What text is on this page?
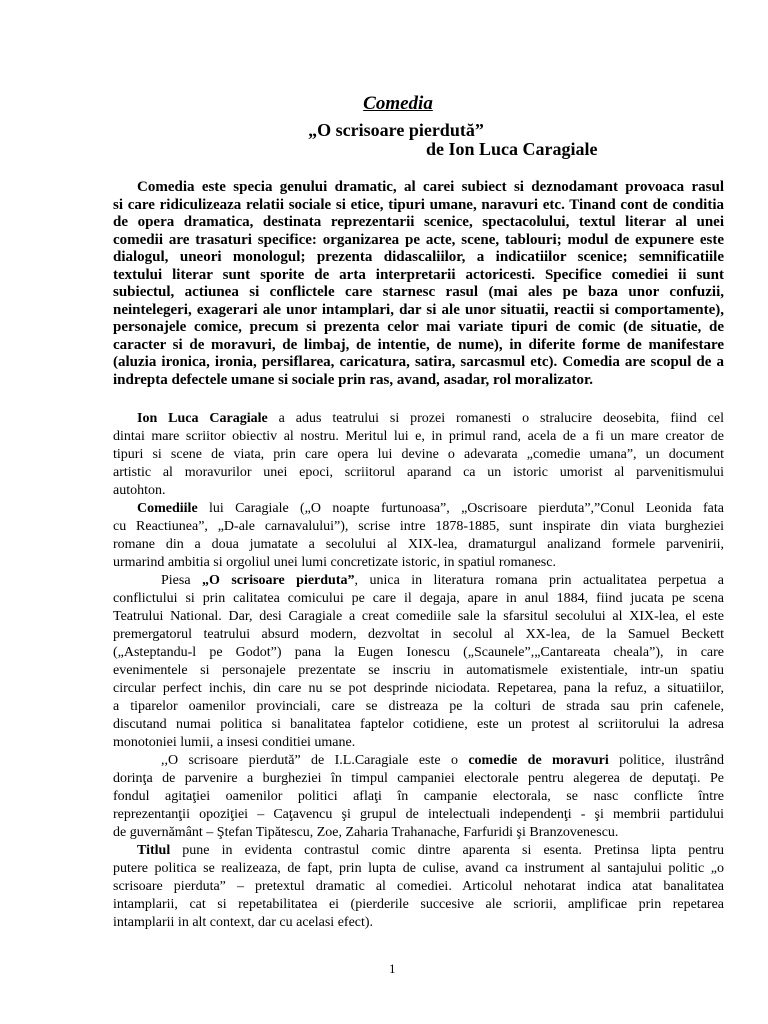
Comedia
„O scrisoare pierdută”
de Ion Luca Caragiale
Comedia este specia genului dramatic, al carei subiect si deznodamant provoaca rasul
si care ridiculizeaza relatii sociale si etice, tipuri umane, naravuri etc. Tinand cont de conditia
de opera dramatica, destinata reprezentarii scenice, spectacolului, textul literar al unei
comedii are trasaturi specifice: organizarea pe acte, scene, tablouri; modul de expunere este
dialogul, uneori monologul; prezenta didascaliilor, a indicatiilor scenice; semnificatiile
textului literar sunt sporite de arta interpretarii actoricesti. Specifice comediei ii sunt
subiectul, actiunea si conflictele care starnesc rasul (mai ales pe baza unor confuzii,
neintelegeri, exagerari ale unor intamplari, dar si ale unor situatii, reactii si comportamente),
personajele comice, precum si prezenta celor mai variate tipuri de comic (de situatie, de
caracter si de moravuri, de limbaj, de intentie, de nume), in diferite forme de manifestare
(aluzia ironica, ironia, persiflarea, caricatura, satira, sarcasmul etc). Comedia are scopul de a
indrepta defectele umane si sociale prin ras, avand, asadar, rol moralizator.
Ion Luca Caragiale a adus teatrului si prozei romanesti o stralucire deosebita, fiind cel
dintai mare scriitor obiectiv al nostru. Meritul lui e, in primul rand, acela de a fi un mare creator de
tipuri si scene de viata, prin care opera lui devine o adevarata „comedie umana”, un document
artistic al moravurilor unei epoci, scriitorul aparand ca un istoric umorist al parvenitismului
autohton.
Comediile lui Caragiale („O noapte furtunoasa”, „Oscrisoare pierduta”,”Conul Leonida fata
cu Reactiunea”, „D-ale carnavalului”), scrise intre 1878-1885, sunt inspirate din viata burgheziei
romane din a doua jumatate a secolului al XIX-lea, dramaturgul analizand formele parvenirii,
urmarind ambitia si orgoliul unei lumi concretizate istoric, in spatiul romanesc.
Piesa „O scrisoare pierduta”, unica in literatura romana prin actualitatea perpetua a
conflictului si prin calitatea comicului pe care il degaja, apare in anul 1884, fiind jucata pe scena
Teatrului National. Dar, desi Caragiale a creat comediile sale la sfarsitul secolului al XIX-lea, el este
premergatorul teatrului absurd modern, dezvoltat in secolul al XX-lea, de la Samuel Beckett
(„Asteptandu-l pe Godot”) pana la Eugen Ionescu („Scaunele”,„Cantareata cheala”), in care
evenimentele si personajele prezentate se inscriu in automatismele existentiale, intr-un spatiu
circular perfect inchis, din care nu se pot desprinde niciodata. Repetarea, pana la refuz, a situatiilor,
a tiparelor oamenilor provinciali, care se distreaza pe la colturi de strada sau prin cafenele,
discutand numai politica si banalitatea faptelor cotidiene, este un protest al scriitorului la adresa
monotoniei lumii, a insesi conditiei umane.
,,O scrisoare pierdută” de I.L.Caragiale este o comedie de moravuri politice, ilustrând
dorinţa de parvenire a burgheziei în timpul campaniei electorale pentru alegerea de deputaţi. Pe
fondul agitaţiei oamenilor politici aflaţi în campanie electorala, se nasc conflicte între
reprezentanţii opoziţiei – Caţavencu şi grupul de intelectuali independenţi - şi membrii partidului
de guvernământ – Ştefan Tipătescu, Zoe, Zaharia Trahanache, Farfuridi şi Branzovenescu.
Titlul pune in evidenta contrastul comic dintre aparenta si esenta. Pretinsa lipta pentru
putere politica se realizeaza, de fapt, prin lupta de culise, avand ca instrument al santajului politic „o
scrisoare pierduta” – pretextul dramatic al comediei. Articolul nehotarat indica atat banalitatea
intamplarii, cat si repetabilitatea ei (pierderile succesive ale scriorii, amplificae prin repetarea
intamplarii in alt context, dar cu acelasi efect).
1
